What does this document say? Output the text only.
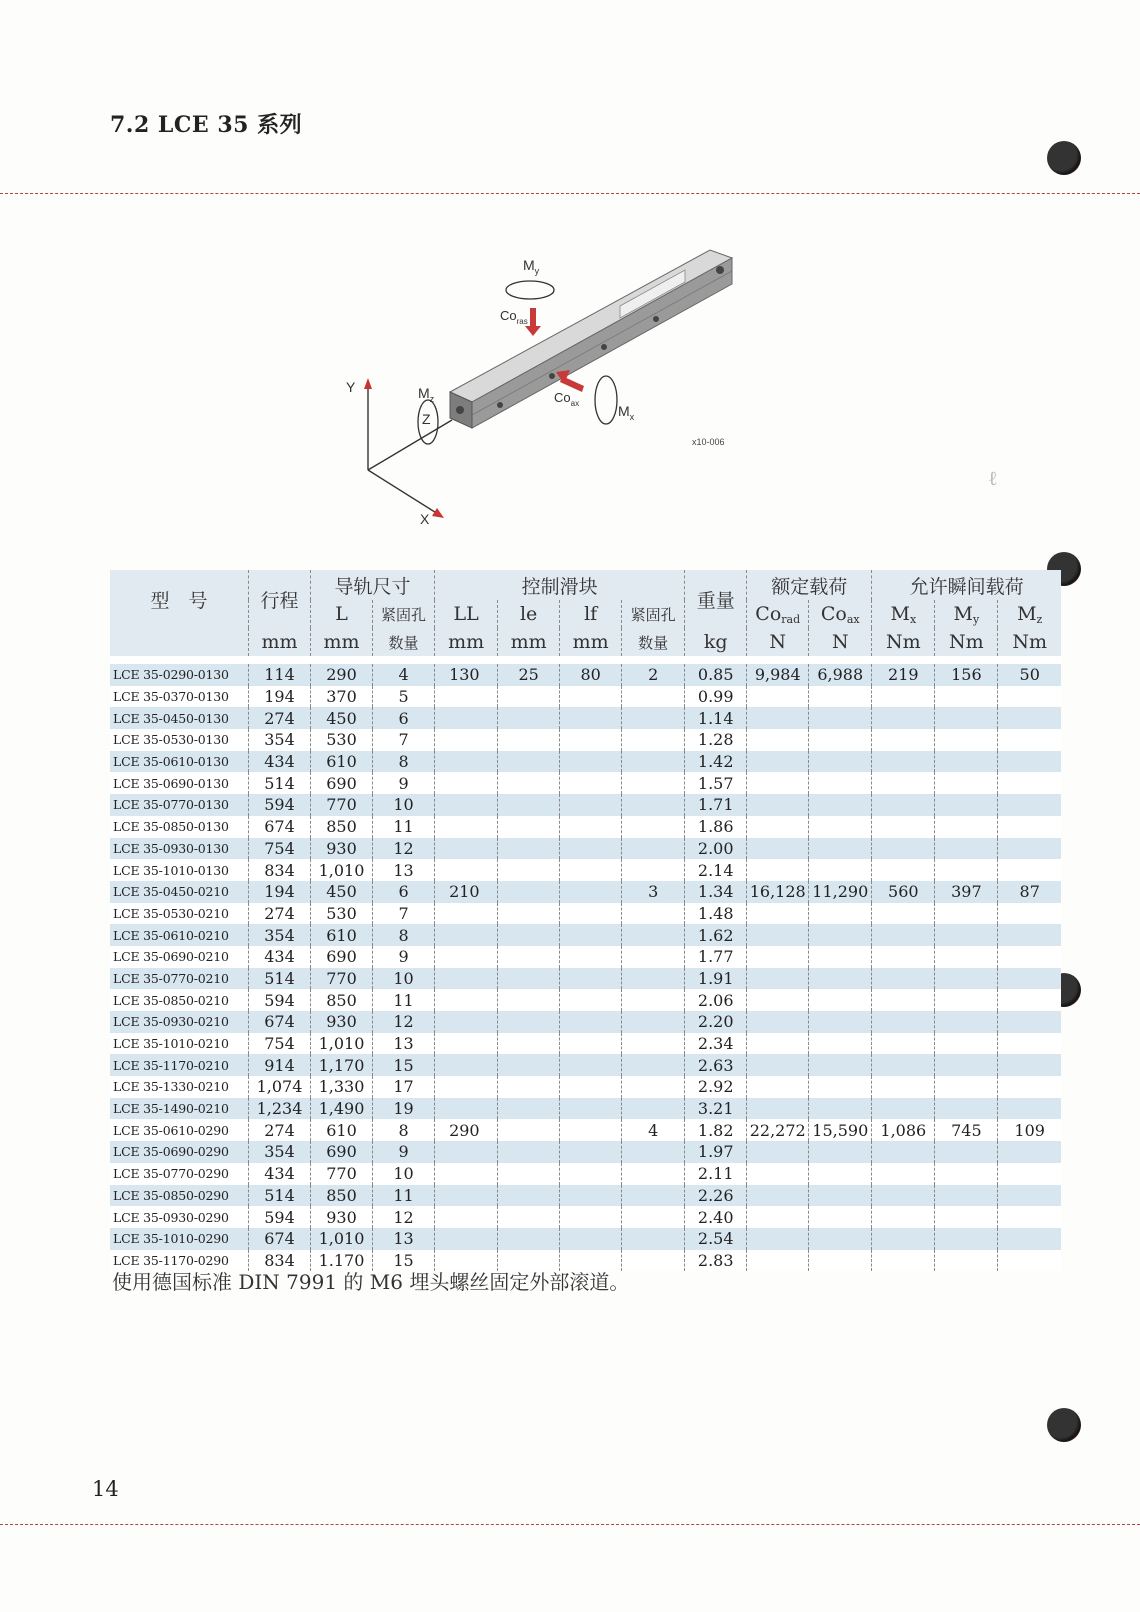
7.2 LCE 35 系列
ℓ
Y
X
$M_y$
$Co_{ras}$
$M_z$
Z
$Co_{ax}$	$M_x$
x10-006
型　号	行程	导轨尺寸		控制滑块				重量	额定载荷		允许瞬间载荷		
		L	紧固孔	LL	le	lf	紧固孔		$Co_{rad}$	$Co_{ax}$	$M_x$	$M_y$	$M_z$
	mm	mm	数量	mm	mm	mm	数量	kg	N	N	Nm	Nm	Nm

LCE 35-0290-0130	114	290	4	130	25	80	2	0.85	9,984	6,988	219	156	50
LCE 35-0370-0130	194	370	5					0.99					
LCE 35-0450-0130	274	450	6					1.14					
LCE 35-0530-0130	354	530	7					1.28					
LCE 35-0610-0130	434	610	8					1.42					
LCE 35-0690-0130	514	690	9					1.57					
LCE 35-0770-0130	594	770	10					1.71					
LCE 35-0850-0130	674	850	11					1.86					
LCE 35-0930-0130	754	930	12					2.00					
LCE 35-1010-0130	834	1,010	13					2.14					
LCE 35-0450-0210	194	450	6	210			3	1.34	16,128	11,290	560	397	87
LCE 35-0530-0210	274	530	7					1.48					
LCE 35-0610-0210	354	610	8					1.62					
LCE 35-0690-0210	434	690	9					1.77					
LCE 35-0770-0210	514	770	10					1.91					
LCE 35-0850-0210	594	850	11					2.06					
LCE 35-0930-0210	674	930	12					2.20					
LCE 35-1010-0210	754	1,010	13					2.34					
LCE 35-1170-0210	914	1,170	15					2.63					
LCE 35-1330-0210	1,074	1,330	17					2.92					
LCE 35-1490-0210	1,234	1,490	19					3.21					
LCE 35-0610-0290	274	610	8	290			4	1.82	22,272	15,590	1,086	745	109
LCE 35-0690-0290	354	690	9					1.97					
LCE 35-0770-0290	434	770	10					2.11					
LCE 35-0850-0290	514	850	11					2.26					
LCE 35-0930-0290	594	930	12					2.40					
LCE 35-1010-0290	674	1,010	13					2.54					
LCE 35-1170-0290	834	1.170	15					2.83					
使用德国标准 DIN 7991 的 M6 埋头螺丝固定外部滚道。
14
